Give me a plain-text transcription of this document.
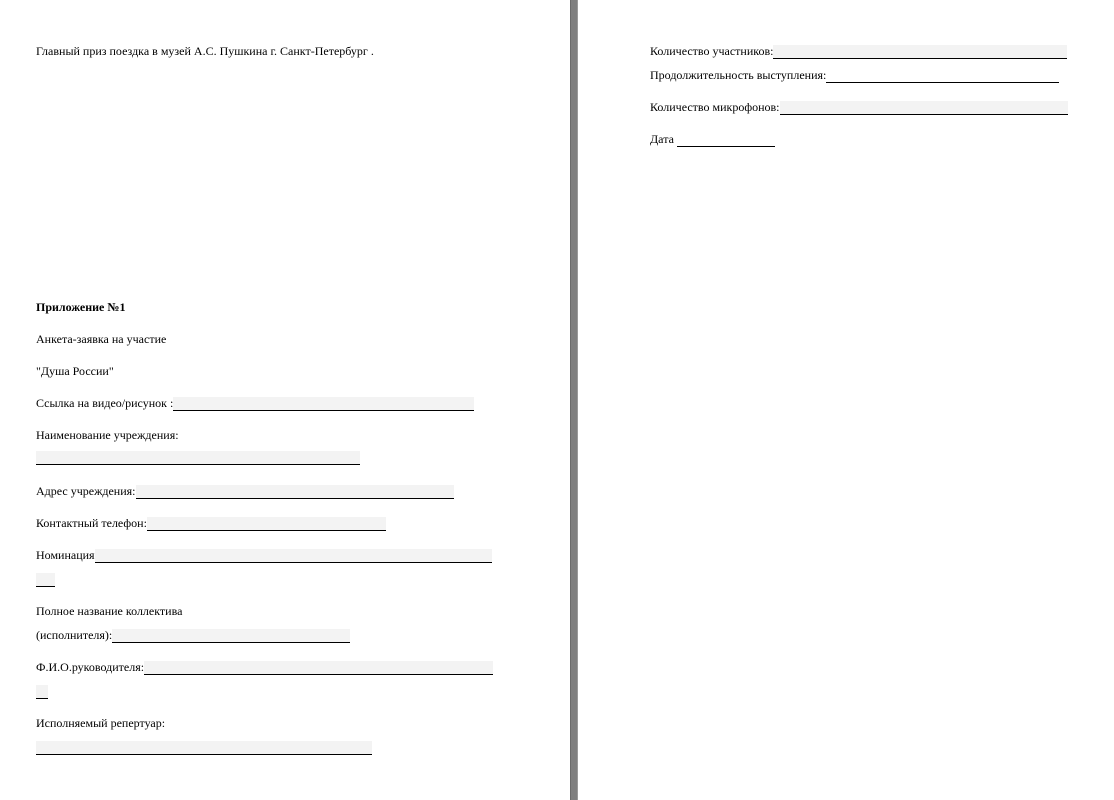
Главный приз поездка в музей А.С. Пушкина г. Санкт-Петербург .
Приложение №1
Анкета-заявка на участие
"Душа России"
Ссылка на видео/рисунок :
Наименование учреждения:
Адрес учреждения:
Контактный телефон:
Номинация
Полное название коллектива
(исполнителя):
Ф.И.О.руководителя:
Исполняемый репертуар:
Количество участников:
Продолжительность выступления:
Количество микрофонов:
Дата
